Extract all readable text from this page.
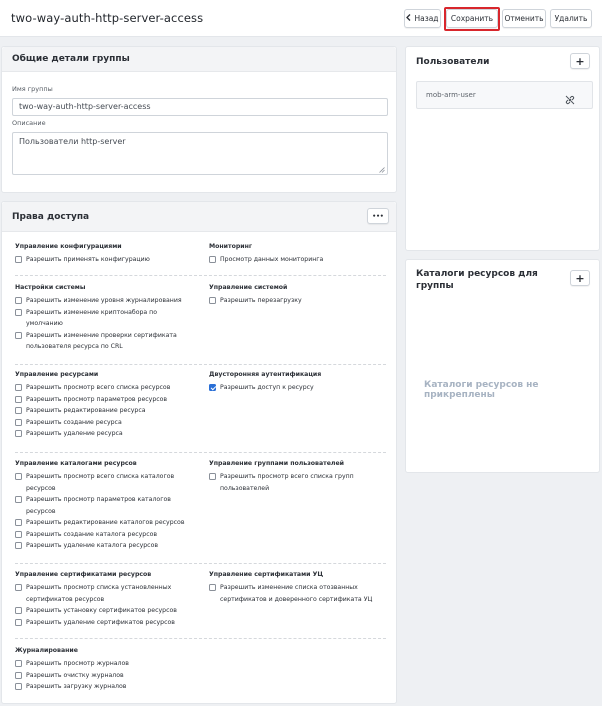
two-way-auth-http-server-access	Назад	Сохранить	Отменить	Удалить
Общие детали группы
Имя группы
two-way-auth-http-server-access
Описание
Пользователи http-server
Права доступа	•••
Управление конфигурациями
Разрешить применять конфигурацию
Мониторинг
Просмотр данных мониторинга
Настройки системы
Разрешить изменение уровня журналирования
Разрешить изменение криптонабора по умолчанию
Разрешить изменение проверки сертификата пользователя ресурса по CRL
Управление системой
Разрешить перезагрузку
Управление ресурсами
Разрешить просмотр всего списка ресурсов
Разрешить просмотр параметров ресурсов
Разрешить редактирование ресурса
Разрешить создание ресурса
Разрешить удаление ресурса
Двусторонняя аутентификация
Разрешить доступ к ресурсу
Управление каталогами ресурсов
Разрешить просмотр всего списка каталогов ресурсов
Разрешить просмотр параметров каталогов ресурсов
Разрешить редактирование каталогов ресурсов
Разрешить создание каталога ресурсов
Разрешить удаление каталога ресурсов
Управление группами пользователей
Разрешить просмотр всего списка групп пользователей
Управление сертификатами ресурсов
Разрешить просмотр списка установленных сертификатов ресурсов
Разрешить установку сертификатов ресурсов
Разрешить удаление сертификатов ресурсов
Управление сертификатами УЦ
Разрешить изменение списка отозванных сертификатов и доверенного сертификата УЦ
Журналирование
Разрешить просмотр журналов
Разрешить очистку журналов
Разрешить загрузку журналов
Пользователи	+
mob-arm-user
Каталоги ресурсов для группы
+
Каталоги ресурсов не прикреплены
